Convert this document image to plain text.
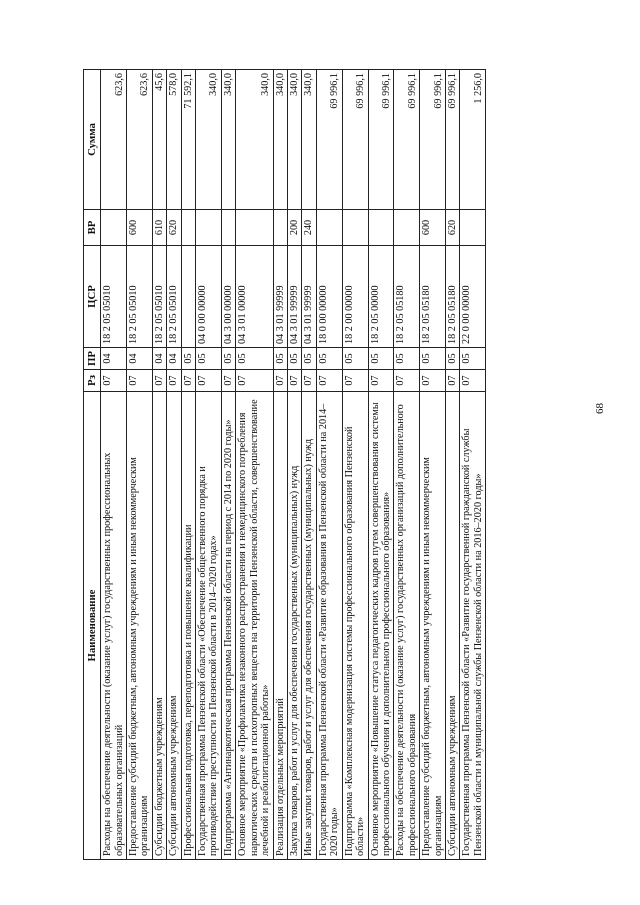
68
Наименование	Рз	ПР	ЦСР	ВР	Сумма
Расходы на обеспечение деятельности (оказание услуг) государственных профессиональных образовательных организаций	07	04	18 2 05 05010		623,6
Предоставление субсидий бюджетным, автономным учреждениям и иным некоммерческим организациям	07	04	18 2 05 05010	600	623,6
Субсидии бюджетным учреждениям	07	04	18 2 05 05010	610	45,6
Субсидии автономным учреждениям	07	04	18 2 05 05010	620	578,0
Профессиональная подготовка, переподготовка и повышение квалификации	07	05			71 592,1
Государственная программа Пензенской области «Обеспечение общественного порядка и противодействие преступности в Пензенской области в 2014–2020 годах»	07	05	04 0 00 00000		340,0
Подпрограмма «Антинаркотическая программа Пензенской области на период с 2014 по 2020 годы»	07	05	04 3 00 00000		340,0
Основное мероприятие «Профилактика незаконного распространения и немедицинского потребления наркотических средств и психотропных веществ на территории Пензенской области, совершенствование лечебной и реабилитационной работы»	07	05	04 3 01 00000		340,0
Реализация отдельных мероприятий	07	05	04 3 01 99999		340,0
Закупка товаров, работ и услуг для обеспечения государственных (муниципальных) нужд	07	05	04 3 01 99999	200	340,0
Иные закупки товаров, работ и услуг для обеспечения государственных (муниципальных) нужд	07	05	04 3 01 99999	240	340,0
Государственная программа Пензенской области «Развитие образования в Пензенской области на 2014–2020 годы»	07	05	18 0 00 00000		69 996,1
Подпрограмма «Комплексная модернизация системы профессионального образования Пензенской области»	07	05	18 2 00 00000		69 996,1
Основное мероприятие «Повышение статуса педагогических кадров путем совершенствования системы профессионального обучения и дополнительного профессионального образования»	07	05	18 2 05 00000		69 996,1
Расходы на обеспечение деятельности (оказание услуг) государственных организаций дополнительного профессионального образования	07	05	18 2 05 05180		69 996,1
Предоставление субсидий бюджетным, автономным учреждениям и иным некоммерческим организациям	07	05	18 2 05 05180	600	69 996,1
Субсидии автономным учреждениям	07	05	18 2 05 05180	620	69 996,1
Государственная программа Пензенской области «Развитие государственной гражданской службы Пензенской области и муниципальной службы Пензенской области на 2016–2020 годы»	07	05	22 0 00 00000		1 256,0
